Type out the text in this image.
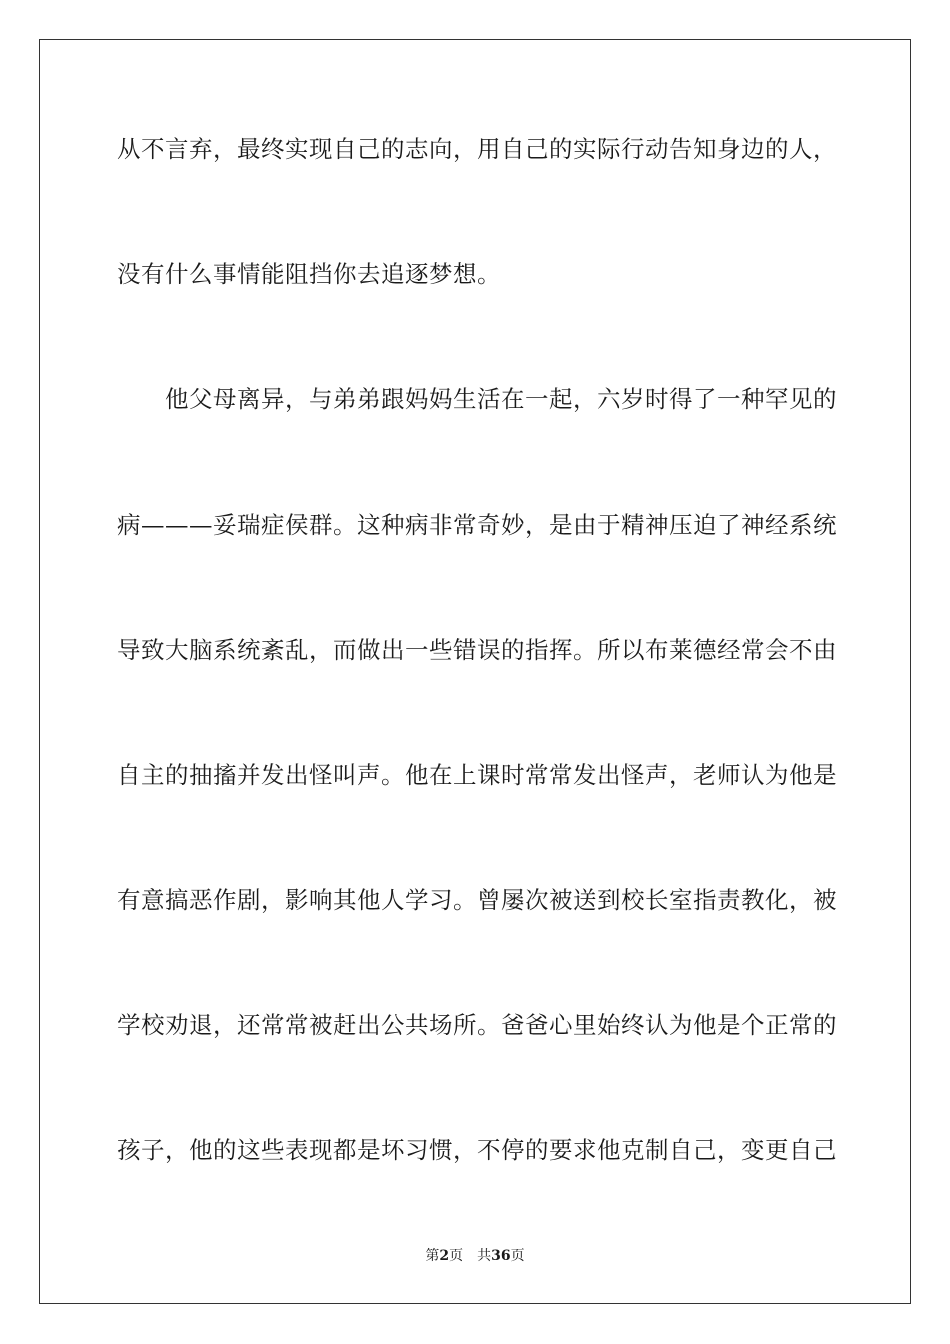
从不言弃，最终实现自己的志向，用自己的实际行动告知身边的人，
没有什么事情能阻挡你去追逐梦想。
他父母离异，与弟弟跟妈妈生活在一起，六岁时得了一种罕见的
病———妥瑞症侯群。这种病非常奇妙，是由于精神压迫了神经系统
导致大脑系统紊乱，而做出一些错误的指挥。所以布莱德经常会不由
自主的抽搐并发出怪叫声。他在上课时常常发出怪声，老师认为他是
有意搞恶作剧，影响其他人学习。曾屡次被送到校长室指责教化，被
学校劝退，还常常被赶出公共场所。爸爸心里始终认为他是个正常的
孩子，他的这些表现都是坏习惯，不停的要求他克制自己，变更自己
第2页 共36页
